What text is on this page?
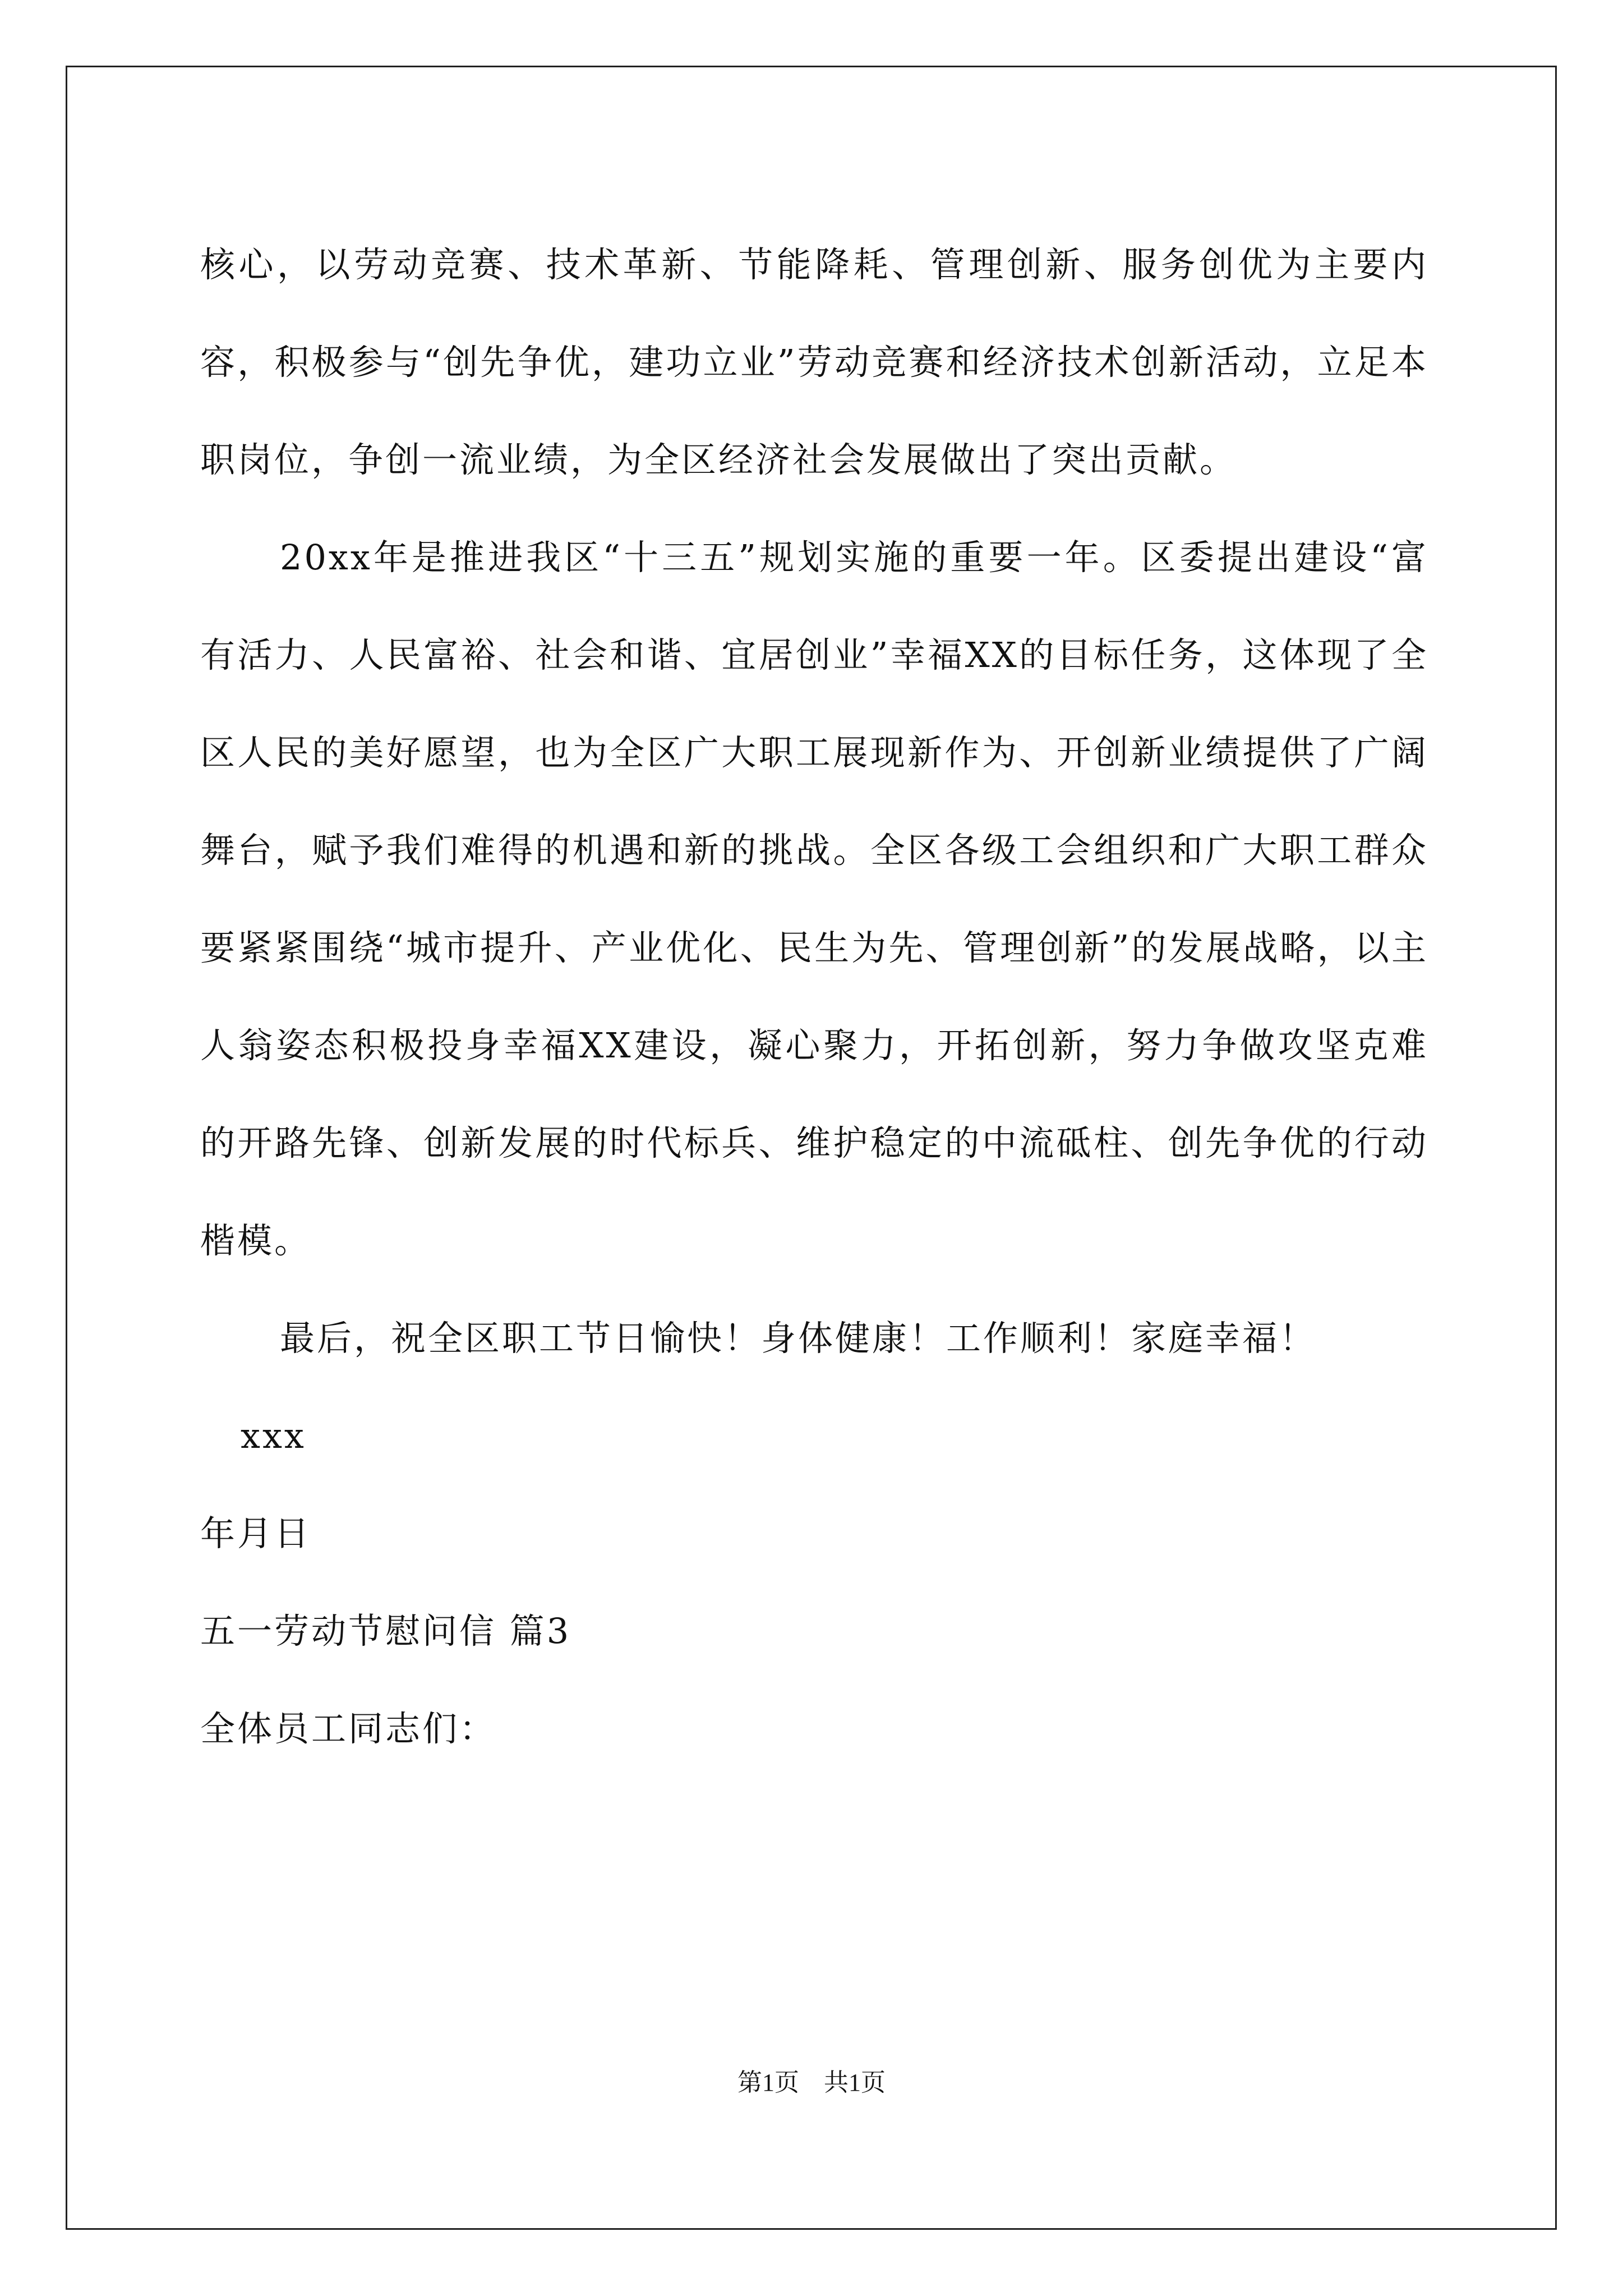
核心，以劳动竞赛、技术革新、节能降耗、管理创新、服务创优为主要内容，积极参与“创先争优，建功立业”劳动竞赛和经济技术创新活动，立足本职岗位，争创一流业绩，为全区经济社会发展做出了突出贡献。

20xx年是推进我区“十三五”规划实施的重要一年。区委提出建设“富有活力、人民富裕、社会和谐、宜居创业”幸福XX的目标任务，这体现了全区人民的美好愿望，也为全区广大职工展现新作为、开创新业绩提供了广阔舞台，赋予我们难得的机遇和新的挑战。全区各级工会组织和广大职工群众要紧紧围绕“城市提升、产业优化、民生为先、管理创新”的发展战略，以主人翁姿态积极投身幸福XX建设，凝心聚力，开拓创新，努力争做攻坚克难的开路先锋、创新发展的时代标兵、维护稳定的中流砥柱、创先争优的行动楷模。

最后，祝全区职工节日愉快！身体健康！工作顺利！家庭幸福！

xxx

年月日

五一劳动节慰问信 篇3

全体员工同志们：

第1页 共1页
